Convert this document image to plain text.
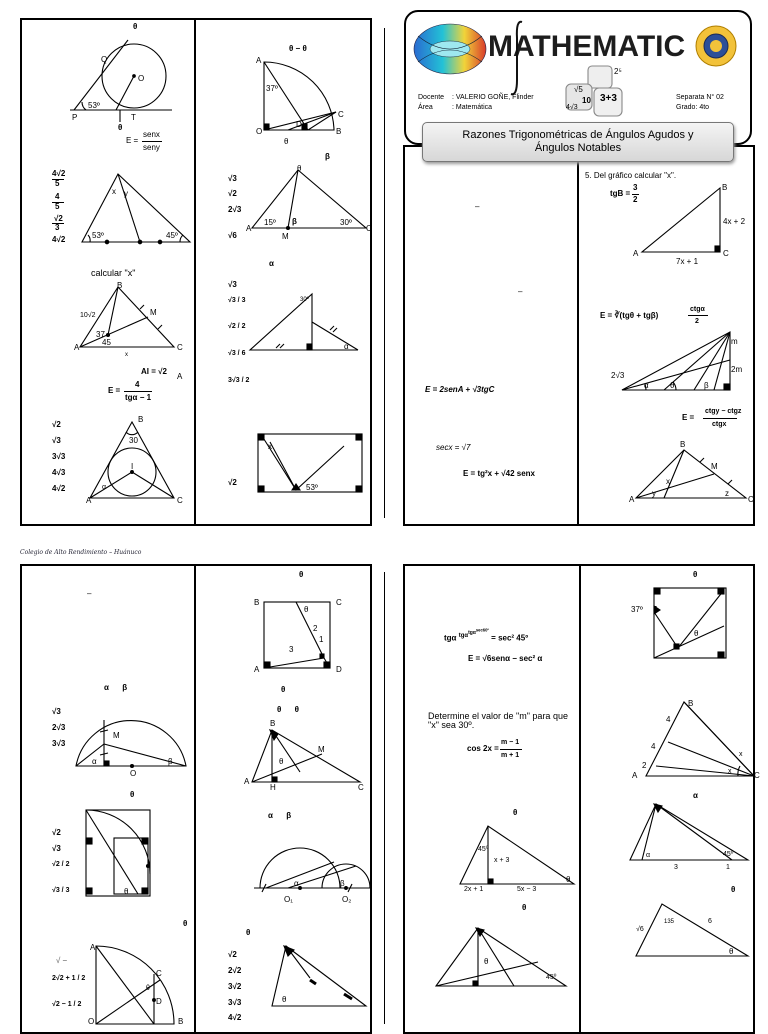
MATHEMATIC
2⁵
3+3
√5
10
4√3
Docente : VALERIO GOÑE, Flinder
Área	: Matemática
Separata N° 02
Grado: 4to
Razones Trigonométricas de Ángulos Agudos y
Ángulos Notables
θ
Q
O
P
53º
T
θ
E =
senx
seny
4√2
5
4
5
√2
3
4√2
x y
53º	45º
calcular "x"
B
10√2	M
37
45
A	C
x
AI = √2
A
E =
4
tgα − 1
√2
√3
3√3
4√3
4√2
B
30
I
A	C
α
θ − θ
A
37º
C
O
D
B
θ
β
√3
√2
2√3
√6
θ
15º β	30º
M
A	C
α
√3
√3 / 3
√2 / 2
√3 / 6
3√3 / 2
30º
α
√2
x
53º
–
–
E = 2senA + √3tgC
secx = √7
E = tg²x + √42 senx
5. Del gráfico calcular "x".
tgB =
3
2
B
4x + 2
A	C
7x + 1
E = ∛(tgθ + tgβ)
ctgα
2
m
2m
2√3
α	θ	β
E =
ctgy − ctgz
ctgx
B
M
x
y	z
A	C
Colegio de Alto Rendimiento – Huánuco
–
α      β
√3
2√3
3√3
M
α	β
O
θ
√2
√3
√2 / 2
√3 / 3	θ
θ
√ –
2√2 + 1 / 2
√2 − 1 / 2
A
C
θ
D
O	B
θ
B	C
θ
2
1
3
A	D
θ
θ      θ
B
θ
M
A
H	C
α      β
α	β
O₁	O₂
θ
√2
2√2
3√2
3√3
4√2
θ
tgα $^{tg\alpha^{tg\alpha^{sec60º}}}$ = sec² 45º
E = √6senα − sec² α
Determine el valor de "m" para que
"x" sea 30º.
cos 2x =
m − 1
m + 1
θ
45º
x + 3
2x + 1	5x − 3
θ
θ
θ
45º
θ
37º 5
θ
B
4
4
2
A
x
x	C
α
α	45º
3	1
θ
√6
135	6
θ
